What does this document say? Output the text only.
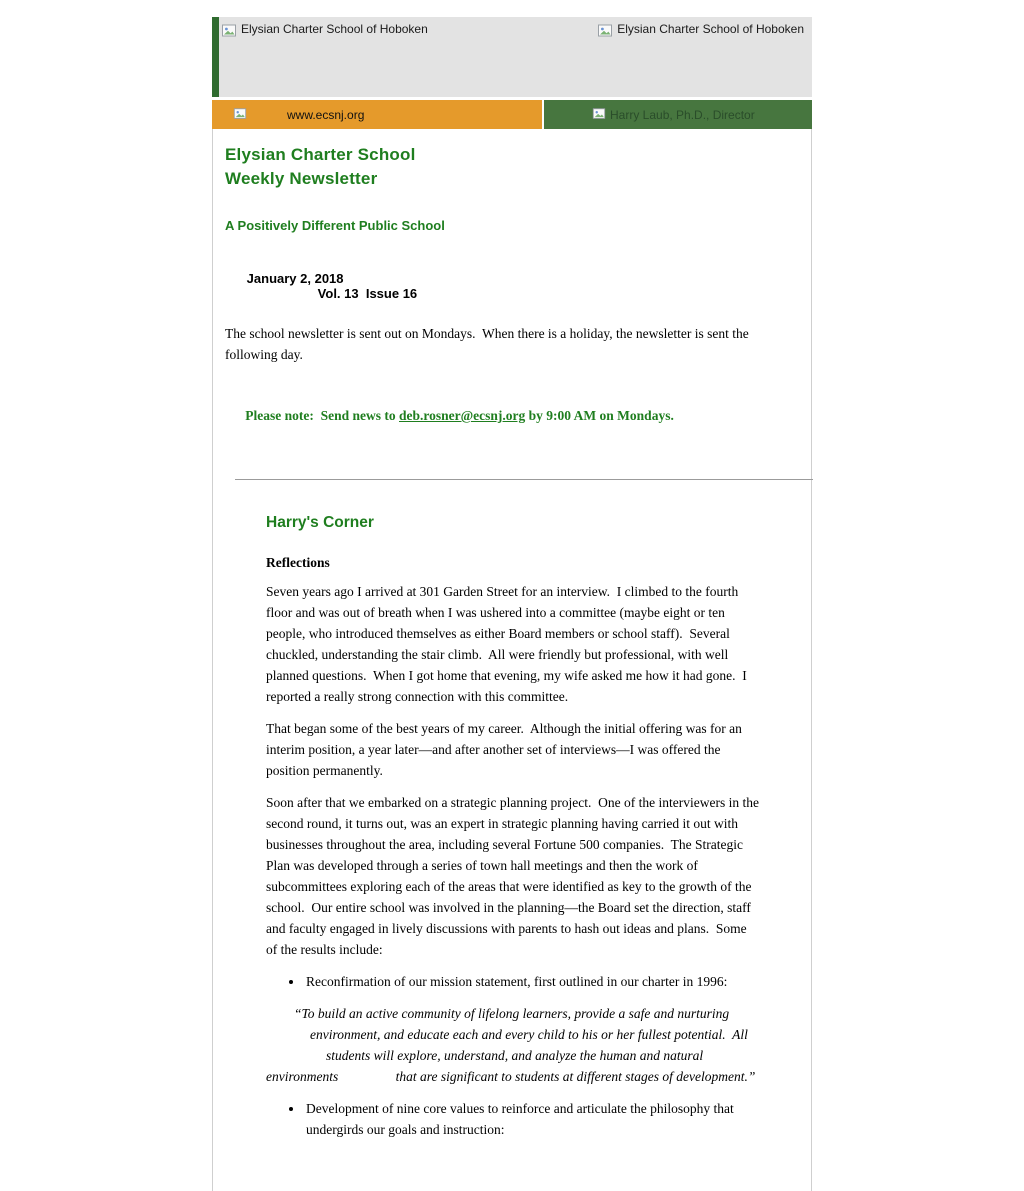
Elysian Charter School of Hoboken	Elysian Charter School of Hoboken
www.ecsnj.org	Harry Laub, Ph.D., Director
Elysian Charter School
Weekly Newsletter
A Positively Different Public School

January 2, 2018
Vol. 13  Issue 16

The school newsletter is sent out on Mondays.  When there is a holiday, the newsletter is sent the following day.

Please note:  Send news to deb.rosner@ecsnj.org by 9:00 AM on Mondays.

Harry's Corner
Reflections

Seven years ago I arrived at 301 Garden Street for an interview.  I climbed to the fourth floor and was out of breath when I was ushered into a committee (maybe eight or ten people, who introduced themselves as either Board members or school staff).  Several chuckled, understanding the stair climb.  All were friendly but professional, with well planned questions.  When I got home that evening, my wife asked me how it had gone.  I reported a really strong connection with this committee.

That began some of the best years of my career.  Although the initial offering was for an interim position, a year later—and after another set of interviews—I was offered the position permanently.

Soon after that we embarked on a strategic planning project.  One of the interviewers in the second round, it turns out, was an expert in strategic planning having carried it out with businesses throughout the area, including several Fortune 500 companies.  The Strategic Plan was developed through a series of town hall meetings and then the work of subcommittees exploring each of the areas that were identified as key to the growth of the school.  Our entire school was involved in the planning—the Board set the direction, staff and faculty engaged in lively discussions with parents to hash out ideas and plans.  Some of the results include:

• Reconfirmation of our mission statement, first outlined in our charter in 1996:
“To build an active community of lifelong learners, provide a safe and nurturing
environment, and educate each and every child to his or her fullest potential.  All
students will explore, understand, and analyze the human and natural
environments                 that are significant to students at different stages of development.”
• Development of nine core values to reinforce and articulate the philosophy that undergirds our goals and instruction:
